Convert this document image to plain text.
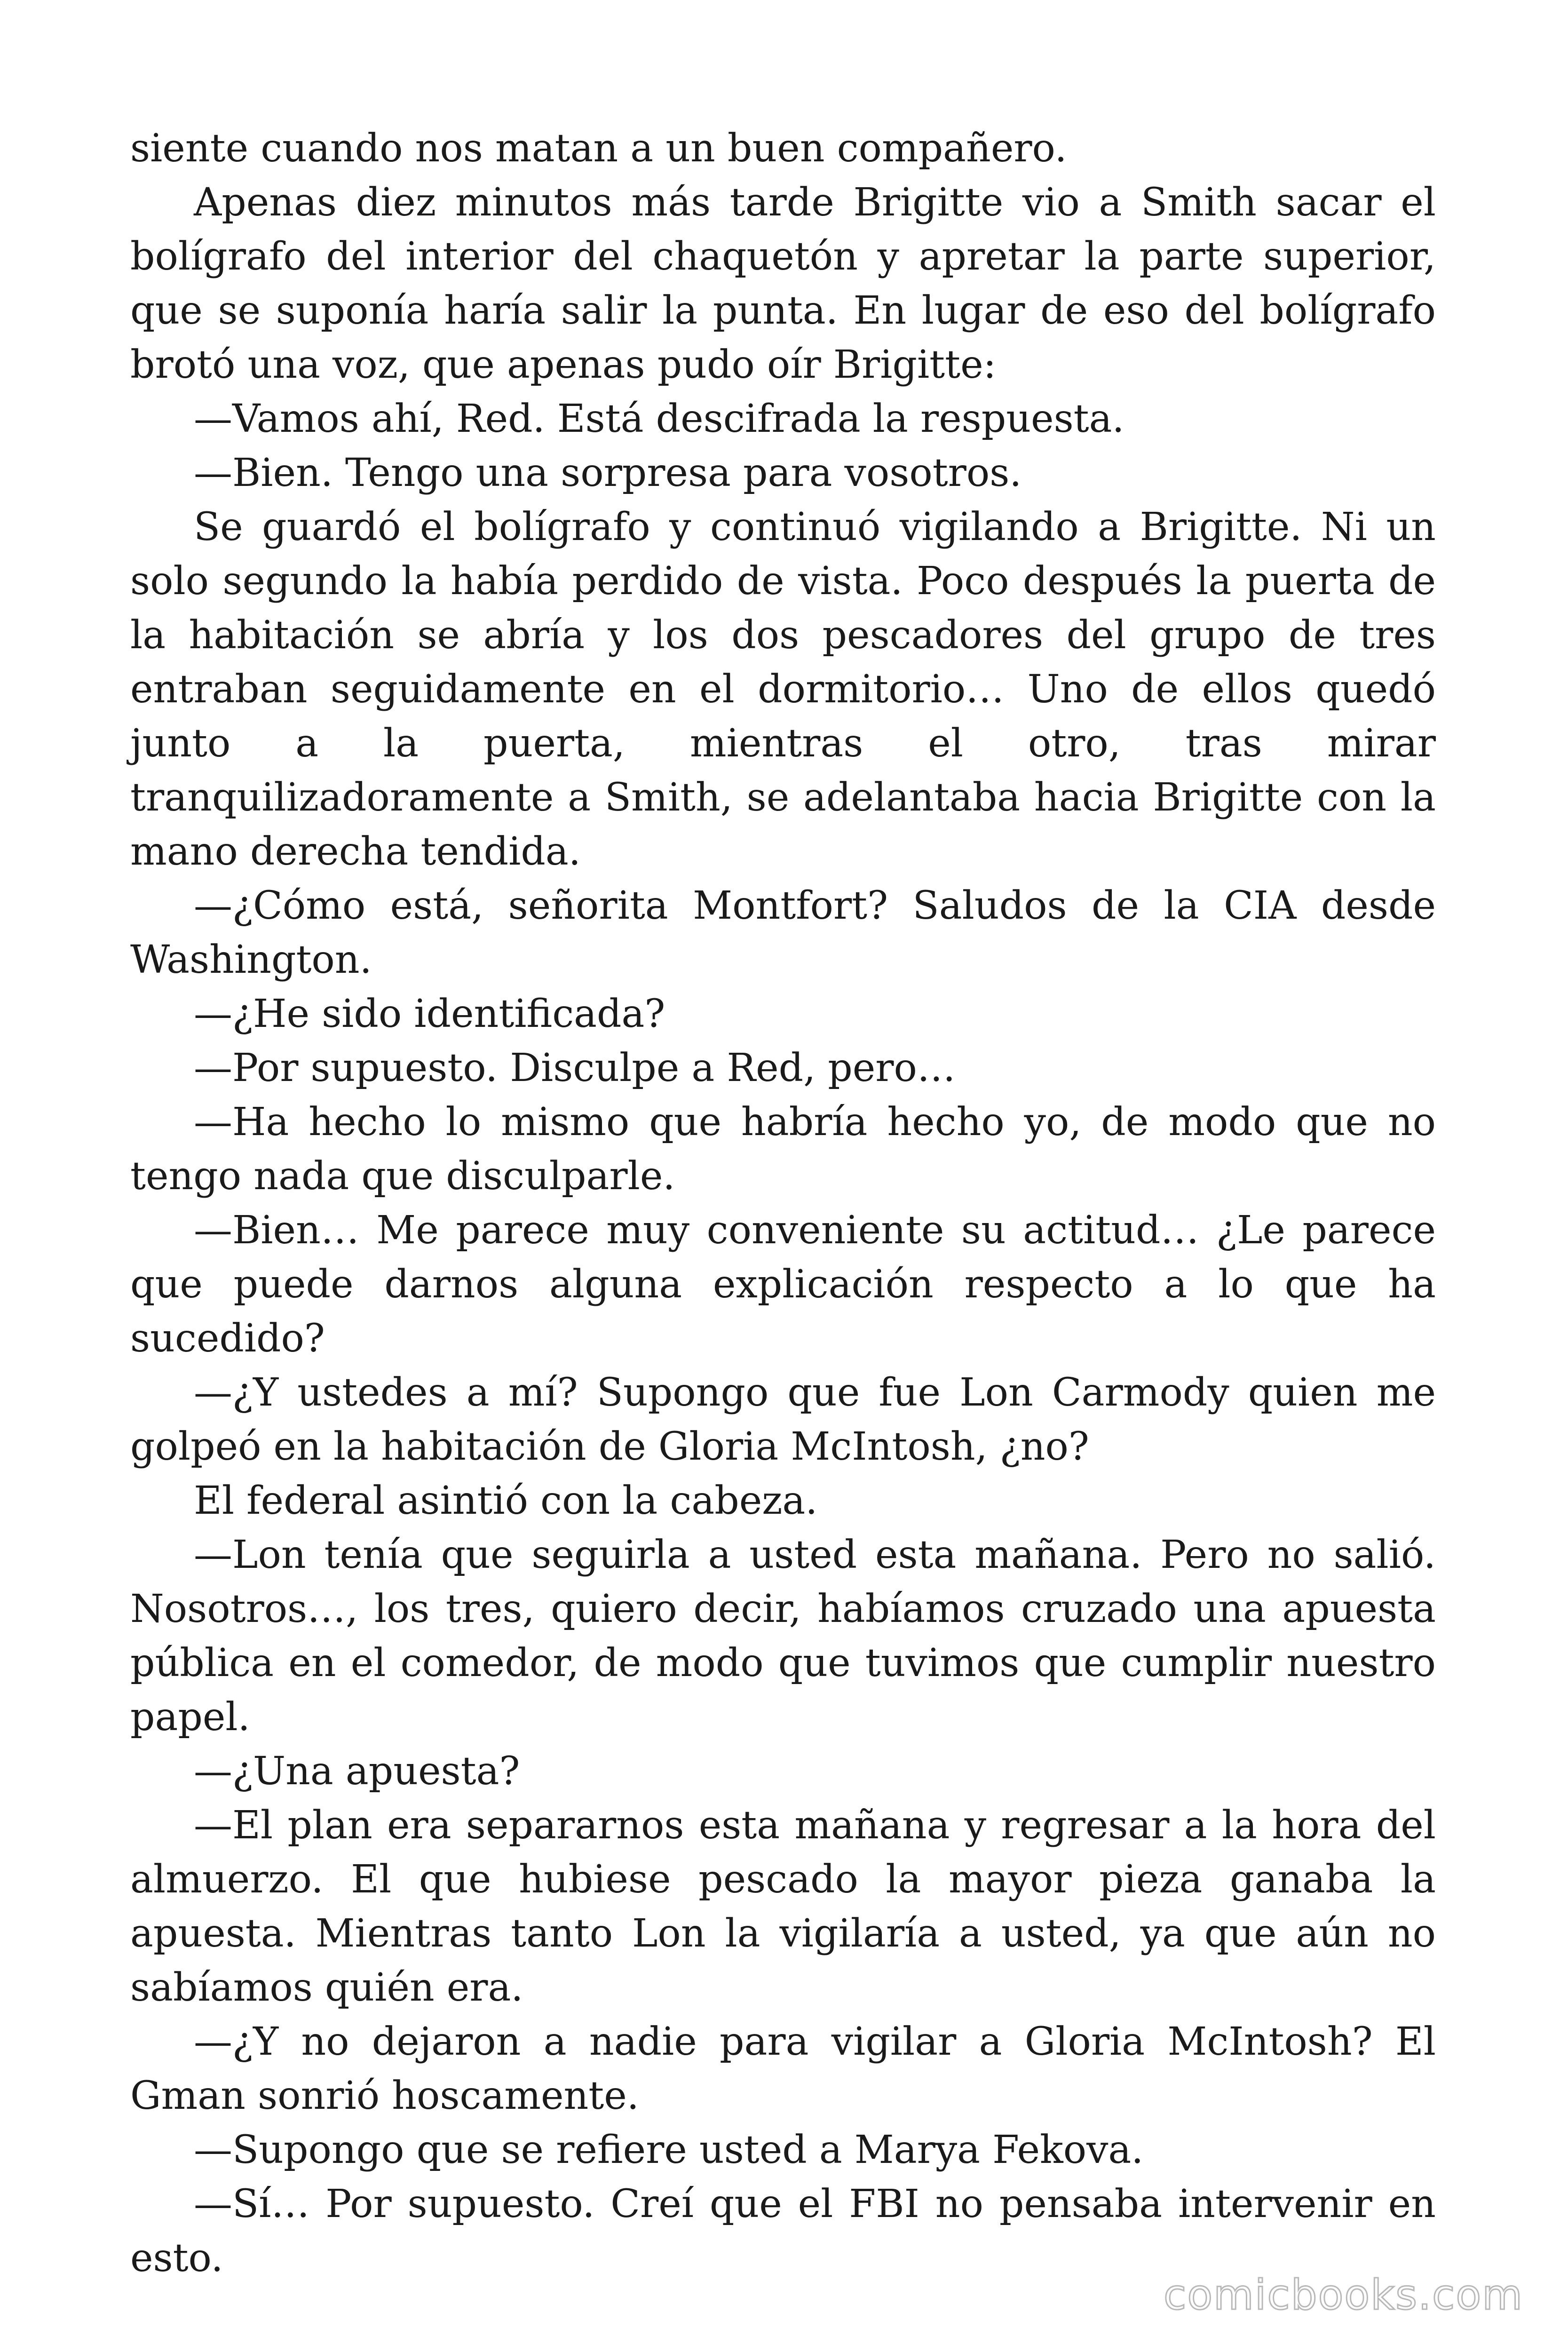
siente cuando nos matan a un buen compañero.

Apenas diez minutos más tarde Brigitte vio a Smith sacar el bolígrafo del interior del chaquetón y apretar la parte superior, que se suponía haría salir la punta. En lugar de eso del bolígrafo brotó una voz, que apenas pudo oír Brigitte:

—Vamos ahí, Red. Está descifrada la respuesta.

—Bien. Tengo una sorpresa para vosotros.

Se guardó el bolígrafo y continuó vigilando a Brigitte. Ni un solo segundo la había perdido de vista. Poco después la puerta de la habitación se abría y los dos pescadores del grupo de tres entraban seguidamente en el dormitorio… Uno de ellos quedó junto a la puerta, mientras el otro, tras mirar tranquilizadoramente a Smith, se adelantaba hacia Brigitte con la mano derecha tendida.

—¿Cómo está, señorita Montfort? Saludos de la CIA desde Washington.

—¿He sido identificada?

—Por supuesto. Disculpe a Red, pero…

—Ha hecho lo mismo que habría hecho yo, de modo que no tengo nada que disculparle.

—Bien… Me parece muy conveniente su actitud… ¿Le parece que puede darnos alguna explicación respecto a lo que ha sucedido?

—¿Y ustedes a mí? Supongo que fue Lon Carmody quien me golpeó en la habitación de Gloria McIntosh, ¿no?

El federal asintió con la cabeza.

—Lon tenía que seguirla a usted esta mañana. Pero no salió. Nosotros…, los tres, quiero decir, habíamos cruzado una apuesta pública en el comedor, de modo que tuvimos que cumplir nuestro papel.

—¿Una apuesta?

—El plan era separarnos esta mañana y regresar a la hora del almuerzo. El que hubiese pescado la mayor pieza ganaba la apuesta. Mientras tanto Lon la vigilaría a usted, ya que aún no sabíamos quién era.

—¿Y no dejaron a nadie para vigilar a Gloria McIntosh? El Gman sonrió hoscamente.

—Supongo que se refiere usted a Marya Fekova.

—Sí… Por supuesto. Creí que el FBI no pensaba intervenir en esto.

comicbooks.com
